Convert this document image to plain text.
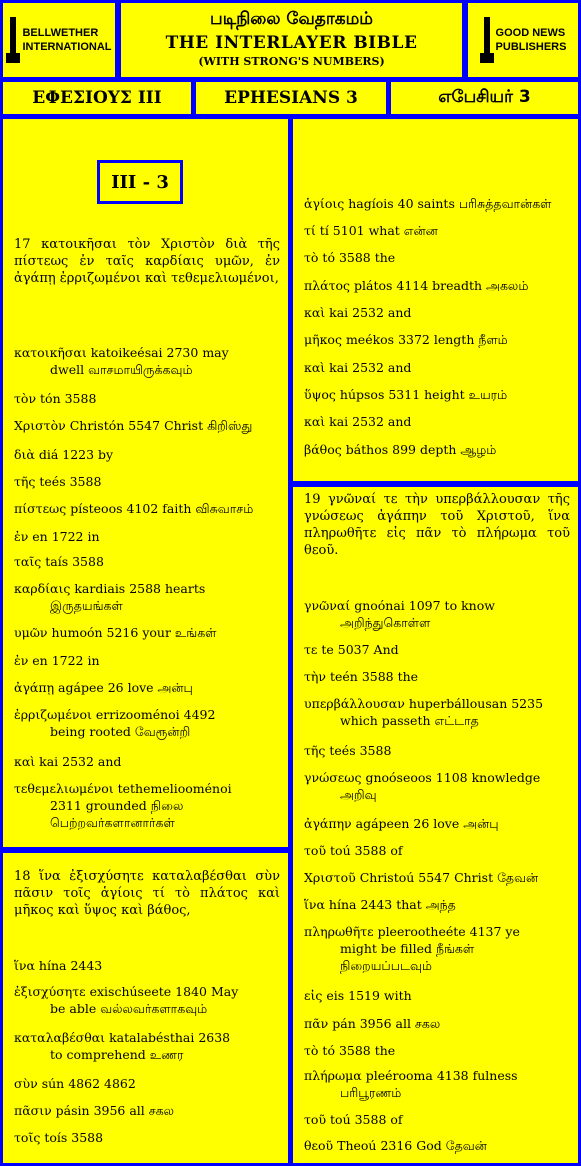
BELLWETHER
INTERNATIONAL
படிநிலை வேதாகமம்
THE INTERLAYER BIBLE
(WITH STRONG'S NUMBERS)
GOOD NEWS
PUBLISHERS
ΕΦΕΣΙΟΥΣ III	EPHESIANS 3	எபேசியர் 3
III - 3
17 κατοικῆσαι τὸν Χριστὸν διὰ τῆς πίστεως ἐν ταῖς καρδίαις υμῶν, ἐν ἀγάπῃ ἐρριζωμένοι καὶ τεθεμελιωμένοι,
κατοικῆσαι katoikeésai 2730 may
dwell வாசமாயிருக்கவும்
τὸν tón 3588
Χριστὸν Christón 5547 Christ கிறிஸ்து
διὰ diá 1223 by
τῆς teés 3588
πίστεως písteoos 4102 faith விசுவாசம்
ἐν en 1722 in
ταῖς taís 3588
καρδίαις kardiais 2588 hearts
இருதயங்கள்
υμῶν humoón 5216 your உங்கள்
ἐν en 1722 in
ἀγάπῃ agápee 26 love அன்பு
ἐρριζωμένοι errizooménoi 4492
being rooted வேரூன்றி
καὶ kai 2532 and
τεθεμελιωμένοι tethemeliooménoi
2311 grounded நிலை பெற்றவர்களானார்கள்
18 ἵνα ἐξισχύσητε καταλαβέσθαι σὺν πᾶσιν τοῖς ἁγίοις τί τὸ πλάτος καὶ μῆκος καὶ ὕψος καὶ βάθος,
ἵνα hína 2443
ἐξισχύσητε exischúseete 1840 May
be able வல்லவர்களாகவும்
καταλαβέσθαι katalabésthai 2638
to comprehend உணர
σὺν sún 4862 4862
πᾶσιν pásin 3956 all சகல
τοῖς toís 3588
ἁγίοις hagíois 40 saints பரிசுத்தவான்கள்
τί tí 5101 what என்ன
τὸ tó 3588 the
πλάτος plátos 4114 breadth அகலம்
καὶ kai 2532 and
μῆκος meékos 3372 length நீளம்
καὶ kai 2532 and
ὕψος húpsos 5311 height உயரம்
καὶ kai 2532 and
βάθος báthos 899 depth ஆழம்
19 γνῶναί τε τὴν υπερβάλλουσαν τῆς γνώσεως ἀγάπην τοῦ Χριστοῦ, ἵνα πληρωθῆτε εἰς πᾶν τὸ πλήρωμα τοῦ θεοῦ.
γνῶναί gnoónai 1097 to know
அறிந்துகொள்ள
τε te 5037 And
τὴν teén 3588 the
υπερβάλλουσαν huperbállousan 5235
which passeth எட்டாத
τῆς teés 3588
γνώσεως gnoóseoos 1108 knowledge
அறிவு
ἀγάπην agápeen 26 love அன்பு
τοῦ toú 3588 of
Χριστοῦ Christoú 5547 Christ தேவன்
ἵνα hína 2443 that அந்த
πληρωθῆτε pleerootheéte 4137 ye
might be filled நீங்கள் நிறையப்படவும்
εἰς eis 1519 with
πᾶν pán 3956 all சகல
τὸ tó 3588 the
πλήρωμα pleérooma 4138 fulness
பரிபூரணம்
τοῦ toú 3588 of
θεοῦ Theoú 2316 God தேவன்
